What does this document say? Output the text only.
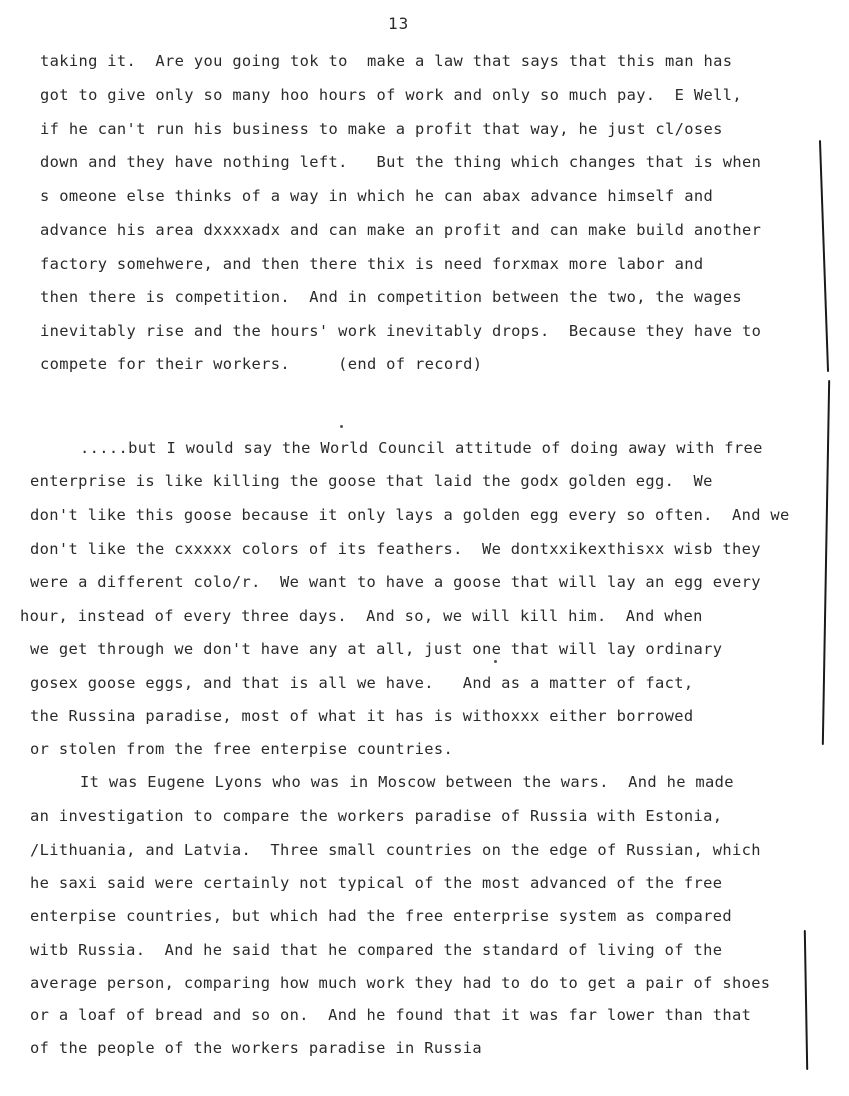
13
taking it.  Are you going tok to  make a law that says that this man has
got to give only so many hoo hours of work and only so much pay.  E Well,
if he can't run his business to make a profit that way, he just cl/oses
down and they have nothing left.   But the thing which changes that is when
s omeone else thinks of a way in which he can abax advance himself and
advance his area dxxxxadx and can make an profit and can make build another
factory somehwere, and then there thix is need forxmax more labor and
then there is competition.  And in competition between the two, the wages
inevitably rise and the hours' work inevitably drops.  Because they have to
compete for their workers.     (end of record)
.....but I would say the World Council attitude of doing away with free
enterprise is like killing the goose that laid the godx golden egg.  We
don't like this goose because it only lays a golden egg every so often.  And we
don't like the cxxxxx colors of its feathers.  We dontxxikexthisxx wisb they
were a different colo/r.  We want to have a goose that will lay an egg every
hour, instead of every three days.  And so, we will kill him.  And when
we get through we don't have any at all, just one that will lay ordinary
gosex goose eggs, and that is all we have.   And as a matter of fact,
the Russina paradise, most of what it has is withoxxx either borrowed
or stolen from the free enterpise countries.
It was Eugene Lyons who was in Moscow between the wars.  And he made
an investigation to compare the workers paradise of Russia with Estonia,
/Lithuania, and Latvia.  Three small countries on the edge of Russian, which
he saxi said were certainly not typical of the most advanced of the free
enterpise countries, but which had the free enterprise system as compared
witb Russia.  And he said that he compared the standard of living of the
average person, comparing how much work they had to do to get a pair of shoes
or a loaf of bread and so on.  And he found that it was far lower than that
of the people of the workers paradise in Russia
